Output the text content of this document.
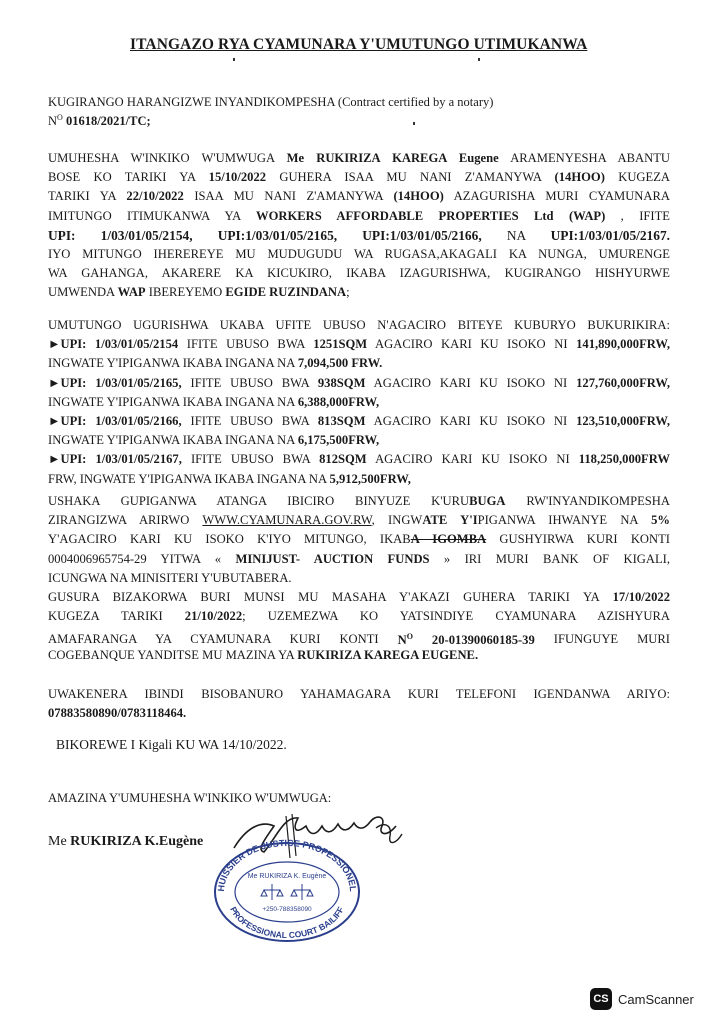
ITANGAZO RYA CYAMUNARA Y'UMUTUNGO UTIMUKANWA
KUGIRANGO HARANGIZWE INYANDIKOMPESHA (Contract certified by a notary)
$N^O$ 01618/2021/TC;
UMUHESHA W'INKIKO W'UMWUGA Me RUKIRIZA KAREGA Eugene ARAMENYESHA ABANTU
BOSE KO TARIKI YA 15/10/2022 GUHERA ISAA MU NANI Z'AMANYWA (14HOO) KUGEZA
TARIKI YA 22/10/2022 ISAA MU NANI Z'AMANYWA (14HOO) AZAGURISHA MURI CYAMUNARA
IMITUNGO ITIMUKANWA YA WORKERS AFFORDABLE PROPERTIES Ltd (WAP) , IFITE
UPI: 1/03/01/05/2154, UPI:1/03/01/05/2165, UPI:1/03/01/05/2166, NA UPI:1/03/01/05/2167.
IYO MITUNGO IHEREREYE MU MUDUGUDU WA RUGASA,AKAGALI KA NUNGA, UMURENGE
WA GAHANGA, AKARERE KA KICUKIRO, IKABA IZAGURISHWA, KUGIRANGO HISHYURWE
UMWENDA WAP IBEREYEMO EGIDE RUZINDANA;
UMUTUNGO UGURISHWA UKABA UFITE UBUSO N'AGACIRO BITEYE KUBURYO BUKURIKIRA:
►UPI: 1/03/01/05/2154 IFITE UBUSO BWA 1251SQM AGACIRO KARI KU ISOKO NI 141,890,000FRW,
INGWATE Y'IPIGANWA IKABA INGANA NA 7,094,500 FRW.
►UPI: 1/03/01/05/2165, IFITE UBUSO BWA 938SQM AGACIRO KARI KU ISOKO NI 127,760,000FRW,
INGWATE Y'IPIGANWA IKABA INGANA NA 6,388,000FRW,
►UPI: 1/03/01/05/2166, IFITE UBUSO BWA 813SQM AGACIRO KARI KU ISOKO NI 123,510,000FRW,
INGWATE Y'IPIGANWA IKABA INGANA NA 6,175,500FRW,
►UPI: 1/03/01/05/2167, IFITE UBUSO BWA 812SQM AGACIRO KARI KU ISOKO NI 118,250,000FRW
FRW, INGWATE Y'IPIGANWA IKABA INGANA NA 5,912,500FRW,
USHAKA GUPIGANWA ATANGA IBICIRO BINYUZE K'URUBUGA RW'INYANDIKOMPESHA
ZIRANGIZWA ARIRWO WWW.CYAMUNARA.GOV.RW, INGWATE Y'IPIGANWA IHWANYE NA 5%
Y'AGACIRO KARI KU ISOKO K'IYO MITUNGO, IKABA IGOMBA GUSHYIRWA KURI KONTI
00040069657​54-29 YITWA « MINIJUST- AUCTION FUNDS » IRI MURI BANK OF KIGALI,
ICUNGWA NA MINISITERI Y'UBUTABERA.
GUSURA BIZAKORWA BURI MUNSI MU MASAHA Y'AKAZI GUHERA TARIKI YA 17/10/2022
KUGEZA TARIKI 21/10/2022; UZEMEZWA KO YATSINDIYE CYAMUNARA AZISHYURA
AMAFARANGA YA CYAMUNARA KURI KONTI $N^O$ 20-01390060185-39 IFUNGUYE MURI
COGEBANQUE YANDITSE MU MAZINA YA RUKIRIZA KAREGA EUGENE.
UWAKENERA IBINDI BISOBANURO YAHAMAGARA KURI TELEFONI IGENDANWA ARIYO:
07883580890/0783118464.
BIKOREWE I Kigali KU WA 14/10/2022.
AMAZINA Y'UMUHESHA W'INKIKO W'UMWUGA:
Me RUKIRIZA K.Eugène
HUISSIER DE JUSTICE PROFESSIONEL
PROFESSIONAL COURT BAILIFF
Me RUKIRIZA K. Eugène
+250-788358090
CS CamScanner
